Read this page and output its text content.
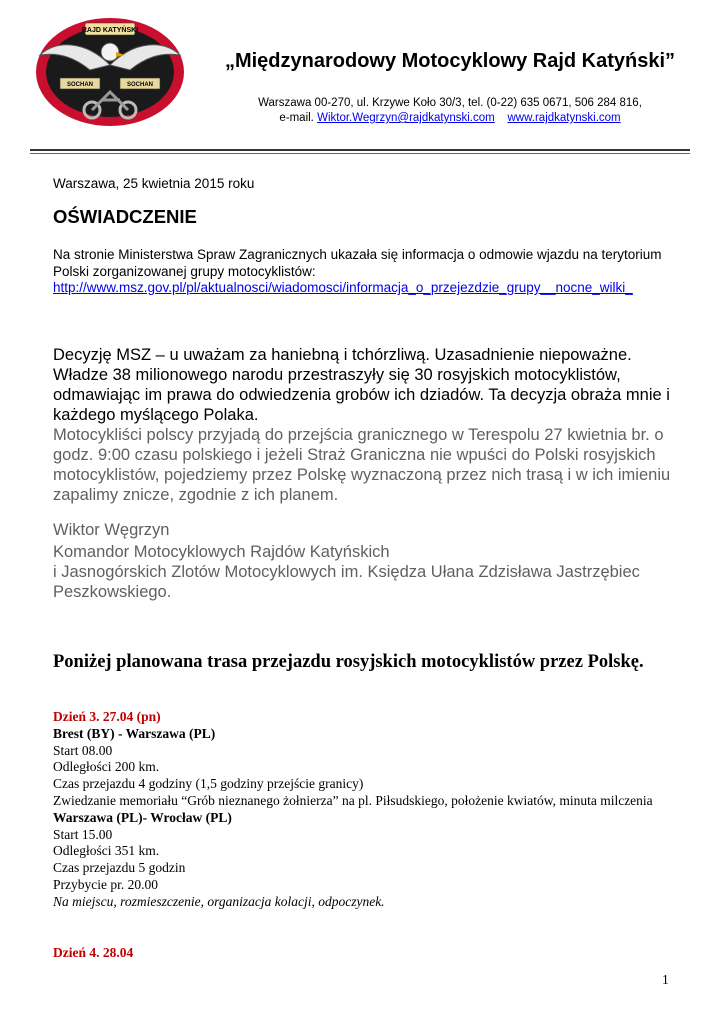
RAJD KATYŃSKI
SOCHAN	SOCHAN
„Międzynarodowy Motocyklowy Rajd Katyński”
Warszawa 00-270, ul. Krzywe Koło 30/3, tel. (0-22) 635 0671, 506 284 816,
e-mail. Wiktor.Wegrzyn@rajdkatynski.com www.rajdkatynski.com
Warszawa, 25 kwietnia 2015 roku
OŚWIADCZENIE
Na stronie Ministerstwa Spraw Zagranicznych ukazała się informacja o odmowie wjazdu na terytorium Polski zorganizowanej grupy motocyklistów:
http://www.msz.gov.pl/pl/aktualnosci/wiadomosci/informacja_o_przejezdzie_grupy__nocne_wilki_
Decyzję MSZ – u uważam za haniebną i tchórzliwą. Uzasadnienie niepoważne. Władze 38 milionowego narodu przestraszyły się 30 rosyjskich motocyklistów, odmawiając im prawa do odwiedzenia grobów ich dziadów. Ta decyzja obraża mnie i każdego myślącego Polaka.
Motocykliści polscy przyjadą do przejścia granicznego w Terespolu 27 kwietnia br. o godz. 9:00 czasu polskiego i jeżeli Straż Graniczna nie wpuści do Polski rosyjskich motocyklistów, pojedziemy przez Polskę wyznaczoną przez nich trasą i w ich imieniu zapalimy znicze, zgodnie z ich planem.
Wiktor Węgrzyn
Komandor Motocyklowych Rajdów Katyńskich
i Jasnogórskich Zlotów Motocyklowych im. Księdza Ułana Zdzisława Jastrzębiec
Peszkowskiego.
Poniżej planowana trasa przejazdu rosyjskich motocyklistów przez Polskę.
Dzień 3. 27.04 (pn)
Brest (BY) - Warszawa (PL)
Start 08.00
Odległości 200 km.
Czas przejazdu 4 godziny (1,5 godziny przejście granicy)
Zwiedzanie memoriału “Grób nieznanego żołnierza” na pl. Piłsudskiego, położenie kwiatów, minuta milczenia
Warszawa (PL)- Wrocław (PL)
Start 15.00
Odległości 351 km.
Czas przejazdu 5 godzin
Przybycie pr. 20.00
Na miejscu, rozmieszczenie, organizacja kolacji, odpoczynek.
Dzień 4. 28.04
1
